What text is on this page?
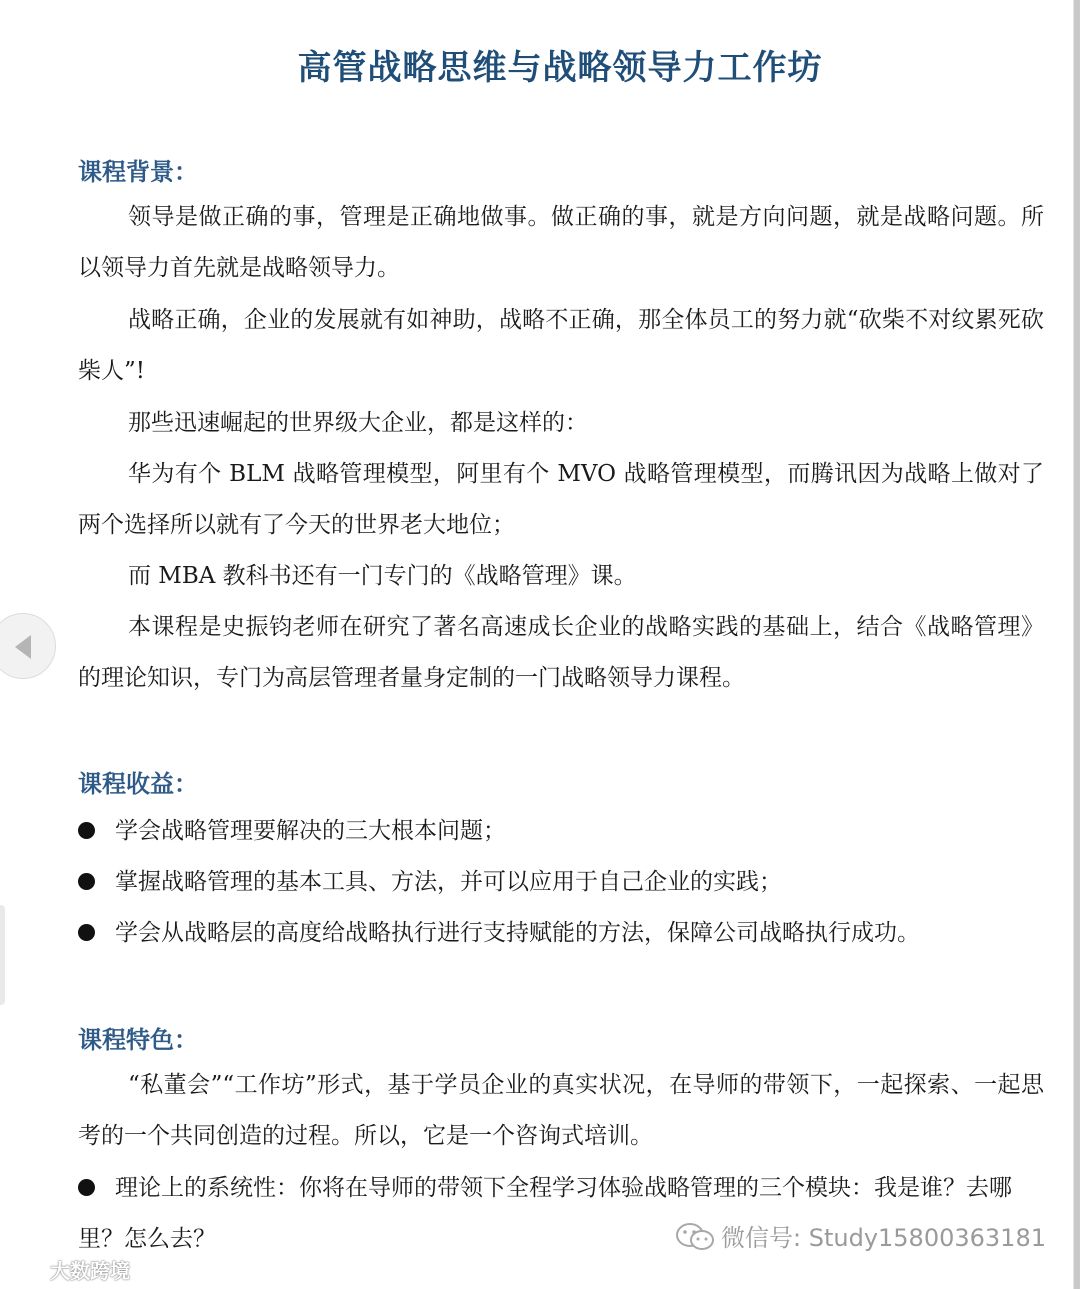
高管战略思维与战略领导力工作坊
课程背景：
领导是做正确的事，管理是正确地做事。做正确的事，就是方向问题，就是战略问题。所以领导力首先就是战略领导力。
战略正确，企业的发展就有如神助，战略不正确，那全体员工的努力就“砍柴不对纹累死砍柴人”!
那些迅速崛起的世界级大企业，都是这样的：
华为有个 BLM 战略管理模型，阿里有个 MVO 战略管理模型，而腾讯因为战略上做对了两个选择所以就有了今天的世界老大地位；
而 MBA 教科书还有一门专门的《战略管理》课。
本课程是史振钧老师在研究了著名高速成长企业的战略实践的基础上，结合《战略管理》的理论知识，专门为高层管理者量身定制的一门战略领导力课程。
课程收益：
学会战略管理要解决的三大根本问题；
掌握战略管理的基本工具、方法，并可以应用于自己企业的实践；
学会从战略层的高度给战略执行进行支持赋能的方法，保障公司战略执行成功。
课程特色：
“私董会”“工作坊”形式，基于学员企业的真实状况，在导师的带领下，一起探索、一起思考的一个共同创造的过程。所以，它是一个咨询式培训。
理论上的系统性：你将在导师的带领下全程学习体验战略管理的三个模块：我是谁？去哪里？怎么去？	微信号: Study15800363181
大数跨境
